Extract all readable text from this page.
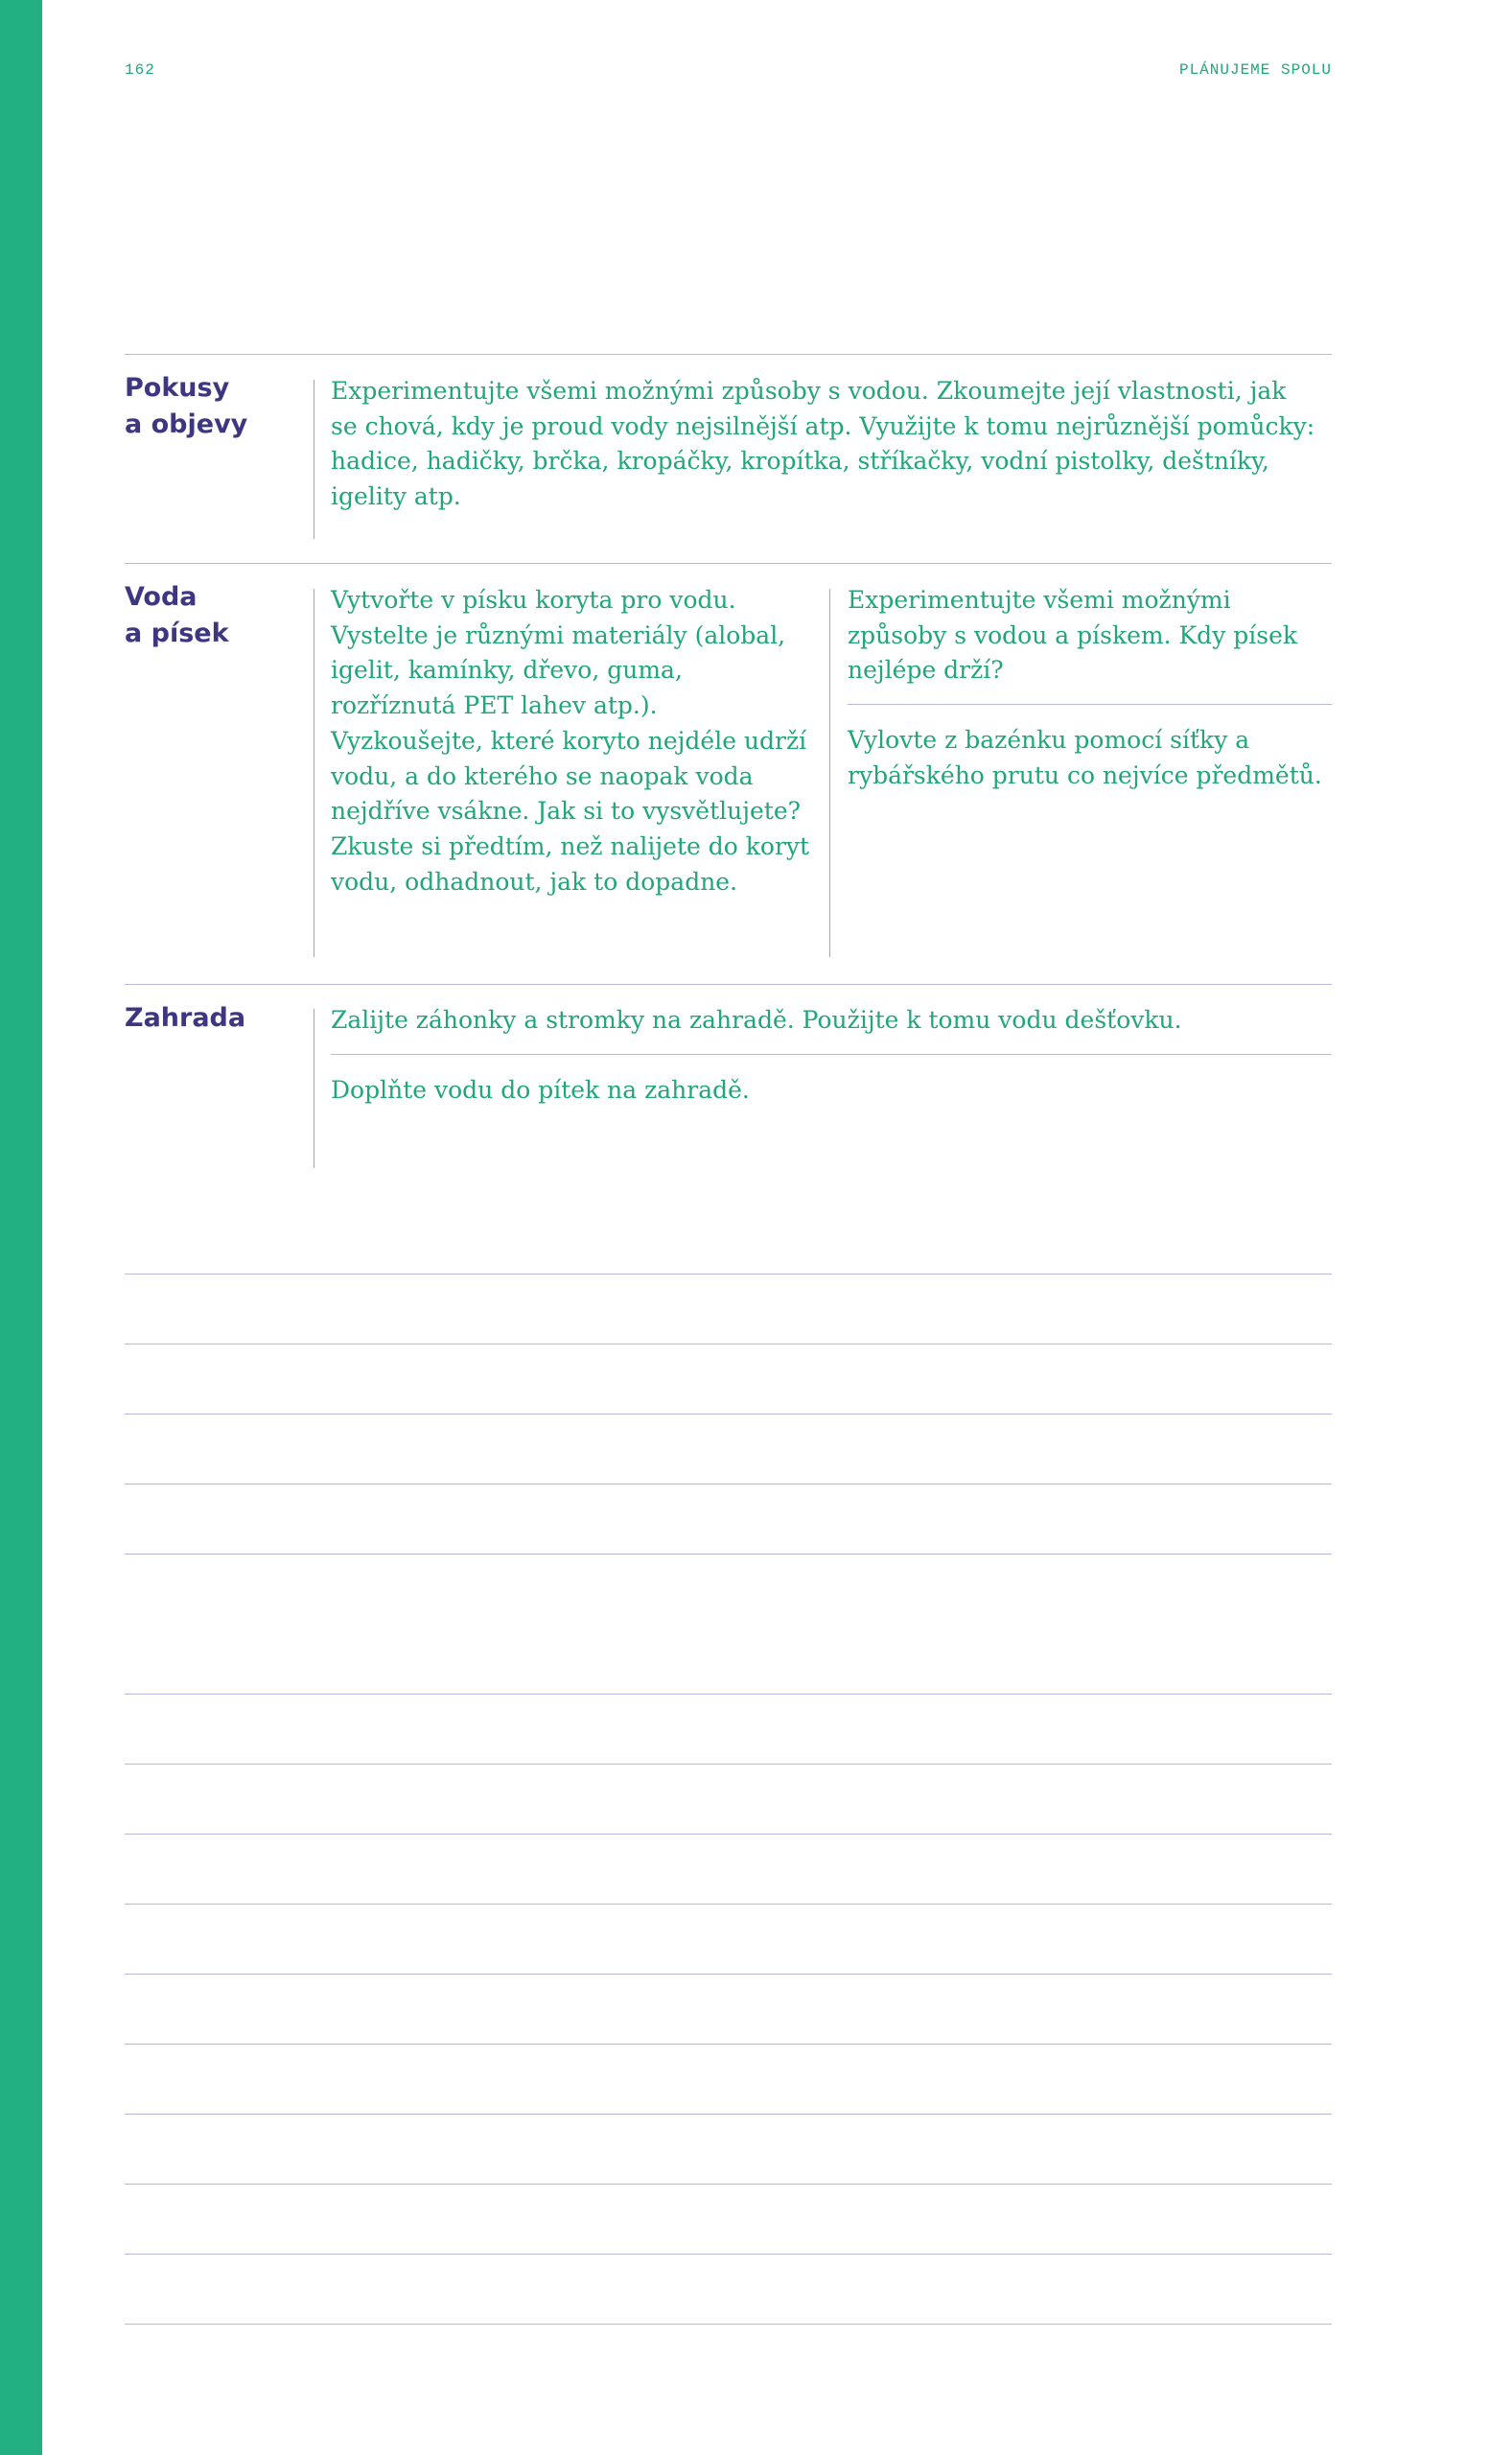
162	PLÁNUJEME SPOLU
Pokusy
a objevy

Experimentujte všemi možnými způsoby s vodou. Zkoumejte její vlastnosti, jak se chová, kdy je proud vody nejsilnější atp. Využijte k tomu nejrůznější pomůcky: hadice, hadičky, brčka, kropáčky, kropítka, stříkačky, vodní pistolky, deštníky, igelity atp.

Voda
a písek

Vytvořte v písku koryta pro vodu. Vystelte je různými materiály (alobal, igelit, kamínky, dřevo, guma, rozříznutá PET lahev atp.). Vyzkoušejte, které koryto nejdéle udrží vodu, a do kterého se naopak voda nejdříve vsákne. Jak si to vysvětlujete? Zkuste si předtím, než nalijete do koryt vodu, odhadnout, jak to dopadne.

Experimentujte všemi možnými způsoby s vodou a pískem. Kdy písek nejlépe drží?

Vylovte z bazénku pomocí síťky a rybářského prutu co nejvíce předmětů.

Zahrada	Zalijte záhonky a stromky na zahradě. Použijte k tomu vodu dešťovku.

Doplňte vodu do pítek na zahradě.
